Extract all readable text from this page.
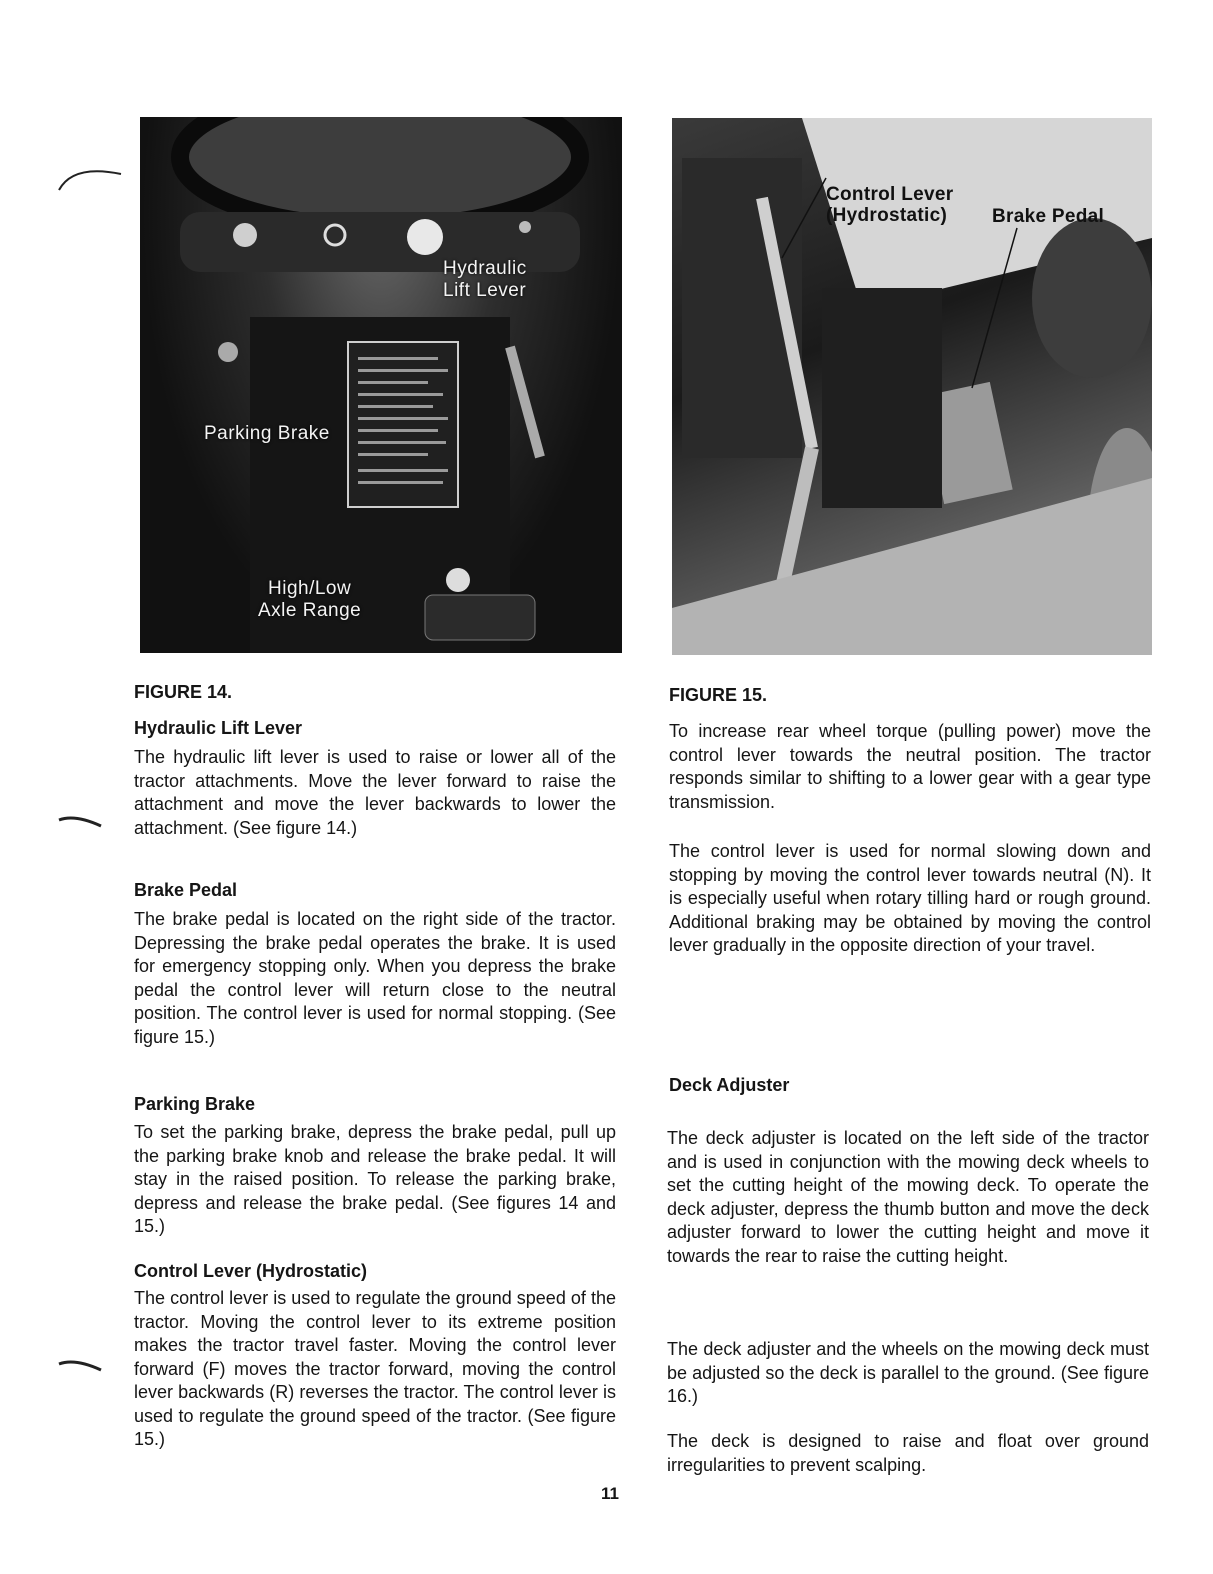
Hydraulic
Lift Lever
Parking Brake
High/Low
Axle Range
Control Lever
(Hydrostatic)	Brake Pedal
FIGURE 14.
Hydraulic Lift Lever

The hydraulic lift lever is used to raise or lower all of the tractor attachments. Move the lever forward to raise the attachment and move the lever backwards to lower the attachment. (See figure 14.)

Brake Pedal

The brake pedal is located on the right side of the tractor. Depressing the brake pedal operates the brake. It is used for emergency stopping only. When you depress the brake pedal the control lever will return close to the neutral position. The control lever is used for normal stopping. (See figure 15.)

Parking Brake

To set the parking brake, depress the brake pedal, pull up the parking brake knob and release the brake pedal. It will stay in the raised position. To release the parking brake, depress and release the brake pedal. (See figures 14 and 15.)

Control Lever (Hydrostatic)

The control lever is used to regulate the ground speed of the tractor. Moving the control lever to its extreme position makes the tractor travel faster. Moving the control lever forward (F) moves the tractor forward, moving the control lever backwards (R) reverses the tractor. The control lever is used to regulate the ground speed of the tractor. (See figure 15.)

FIGURE 15.

To increase rear wheel torque (pulling power) move the control lever towards the neutral position. The tractor responds similar to shifting to a lower gear with a gear type transmission.

The control lever is used for normal slowing down and stopping by moving the control lever towards neutral (N). It is especially useful when rotary tilling hard or rough ground. Additional braking may be obtained by moving the control lever gradually in the opposite direction of your travel.

Deck Adjuster

The deck adjuster is located on the left side of the tractor and is used in conjunction with the mowing deck wheels to set the cutting height of the mowing deck. To operate the deck adjuster, depress the thumb button and move the deck adjuster forward to lower the cutting height and move it towards the rear to raise the cutting height.

The deck adjuster and the wheels on the mowing deck must be adjusted so the deck is parallel to the ground. (See figure 16.)

The deck is designed to raise and float over ground irregularities to prevent scalping.

11
